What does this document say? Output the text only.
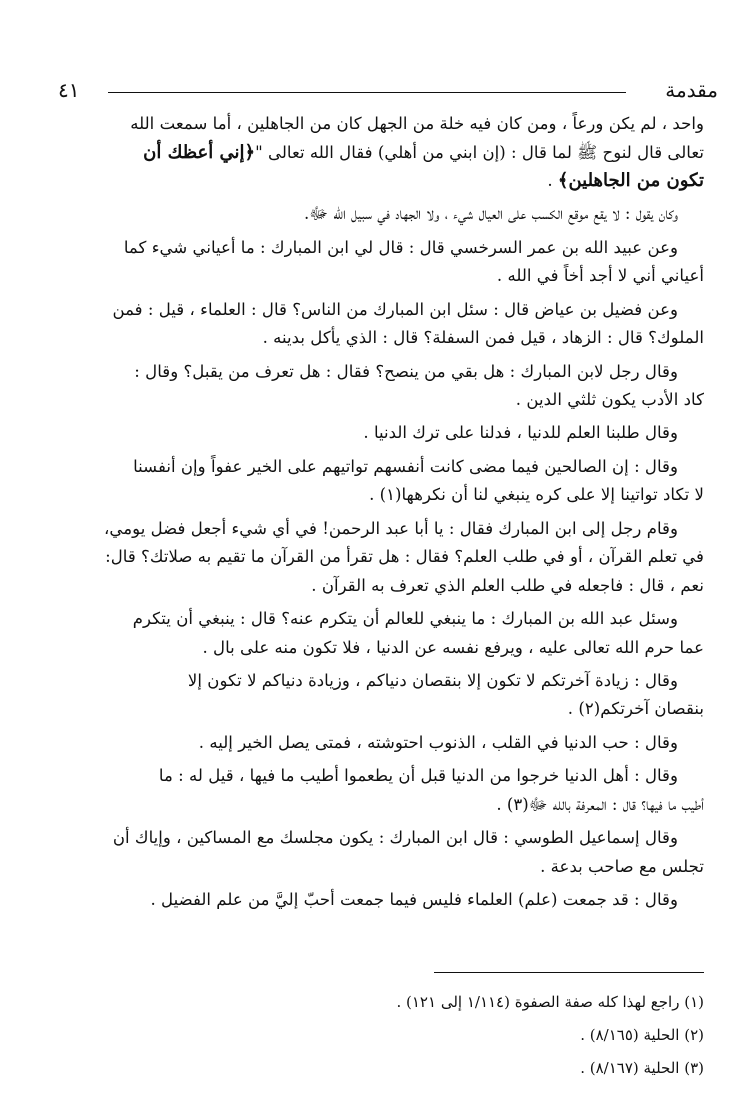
مقدمة
٤١

واحد ، لم يكن ورعاً ، ومن كان فيه خلة من الجهل كان من الجاهلين ، أما سمعت الله
تعالى قال لنوح ﷺ لما قال : (إن ابني من أهلي) فقال الله تعالى "﴿إني أعظك أن
تكون من الجاهلين﴾ .

وكان يقول : لا يقع موقع الكسب على العيال شيء ، ولا الجهاد في سبيل الله ﷻ.

وعن عبيد الله بن عمر السرخسي قال : قال لي ابن المبارك : ما أعياني شيء كما
أعياني أني لا أجد أخاً في الله .

وعن فضيل بن عياض قال : سئل ابن المبارك من الناس؟ قال : العلماء ، قيل : فمن
الملوك؟ قال : الزهاد ، قيل فمن السفلة؟ قال : الذي يأكل بدينه .

وقال رجل لابن المبارك : هل بقي من ينصح؟ فقال : هل تعرف من يقبل؟ وقال :
كاد الأدب يكون ثلثي الدين .

وقال طلبنا العلم للدنيا ، فدلنا على ترك الدنيا .

وقال : إن الصالحين فيما مضى كانت أنفسهم تواتيهم على الخير عفواً وإن أنفسنا
لا تكاد تواتينا إلا على كره ينبغي لنا أن نكرهها(١) .

وقام رجل إلى ابن المبارك فقال : يا أبا عبد الرحمن! في أي شيء أجعل فضل يومي،
في تعلم القرآن ، أو في طلب العلم؟ فقال : هل تقرأ من القرآن ما تقيم به صلاتك؟ قال:
نعم ، قال : فاجعله في طلب العلم الذي تعرف به القرآن .

وسئل عبد الله بن المبارك : ما ينبغي للعالم أن يتكرم عنه؟ قال : ينبغي أن يتكرم
عما حرم الله تعالى عليه ، ويرفع نفسه عن الدنيا ، فلا تكون منه على بال .

وقال : زيادة آخرتكم لا تكون إلا بنقصان دنياكم ، وزيادة دنياكم لا تكون إلا
بنقصان آخرتكم(٢) .

وقال : حب الدنيا في القلب ، الذنوب احتوشته ، فمتى يصل الخير إليه .

وقال : أهل الدنيا خرجوا من الدنيا قبل أن يطعموا أطيب ما فيها ، قيل له : ما
أطيب ما فيها؟ قال : المعرفة بالله ﷻ(٣) .

وقال إسماعيل الطوسي : قال ابن المبارك : يكون مجلسك مع المساكين ، وإياك أن
تجلس مع صاحب بدعة .

وقال : قد جمعت (علم) العلماء فليس فيما جمعت أحبّ إليَّ من علم الفضيل .

(١) راجع لهذا كله صفة الصفوة (١/١١٤ إلى ١٢١) .

(٢) الحلية (٨/١٦٥) .

(٣) الحلية (٨/١٦٧) .
